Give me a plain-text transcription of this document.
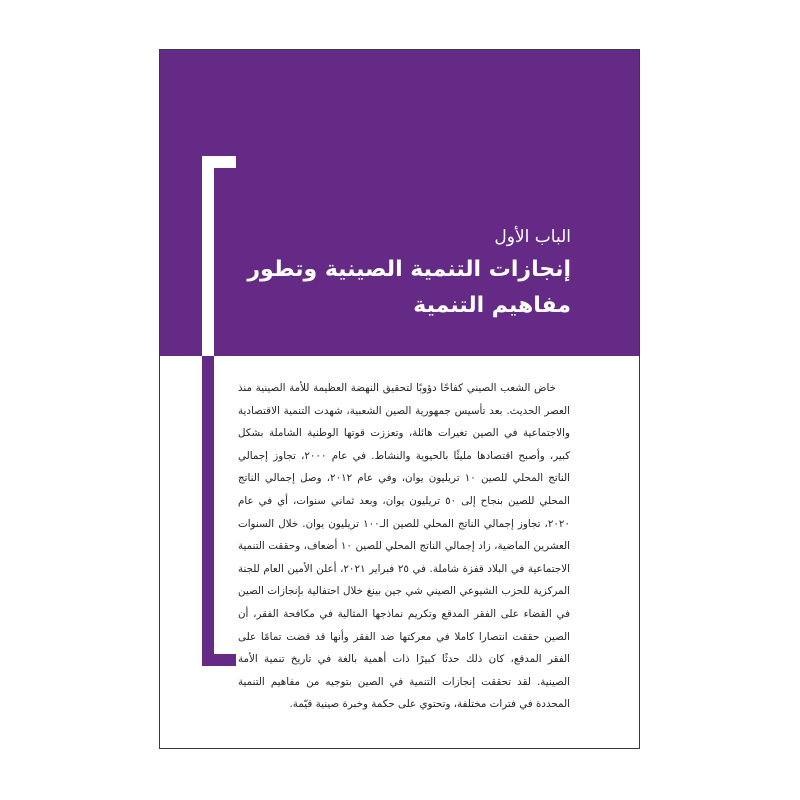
الباب الأول
إنجازات التنمية الصينية وتطور مفاهيم التنمية

خاض الشعب الصيني كفاحًا دؤوبًا لتحقيق النهضة العظيمة للأمة الصينية منذ العصر الحديث. بعد تأسيس جمهورية الصين الشعبية، شهدت التنمية الاقتصادية والاجتماعية في الصين تغيرات هائلة، وتعززت قوتها الوطنية الشاملة بشكل كبير، وأصبح اقتصادها مليئًا بالحيوية والنشاط. في عام ٢٠٠٠، تجاوز إجمالي الناتج المحلي للصين ١٠ تريليون يوان، وفي عام ٢٠١٢، وصل إجمالي الناتج المحلي للصين بنجاح إلى ٥٠ تريليون يوان، وبعد ثماني سنوات، أي في عام ٢٠٢٠، تجاوز إجمالي الناتج المحلي للصين الـ١٠٠ تريليون يوان. خلال السنوات العشرين الماضية، زاد إجمالي الناتج المحلي للصين ١٠ أضعاف، وحققت التنمية الاجتماعية في البلاد قفزة شاملة. في ٢٥ فبراير ٢٠٢١، أعلن الأمين العام للجنة المركزية للحزب الشيوعي الصيني شي جين بينغ خلال احتفالية بإنجازات الصين في القضاء على الفقر المدقع وتكريم نماذجها المثالية في مكافحة الفقر، أن الصين حققت انتصارا كاملا في معركتها ضد الفقر وأنها قد قضت تمامًا على الفقر المدقع، كان ذلك حدثًا كبيرًا ذات أهمية بالغة في تاريخ تنمية الأمة الصينية. لقد تحققت إنجازات التنمية في الصين بتوجيه من مفاهيم التنمية المحددة في فترات مختلفة، وتحتوي على حكمة وخبرة صينية قيّمة.
